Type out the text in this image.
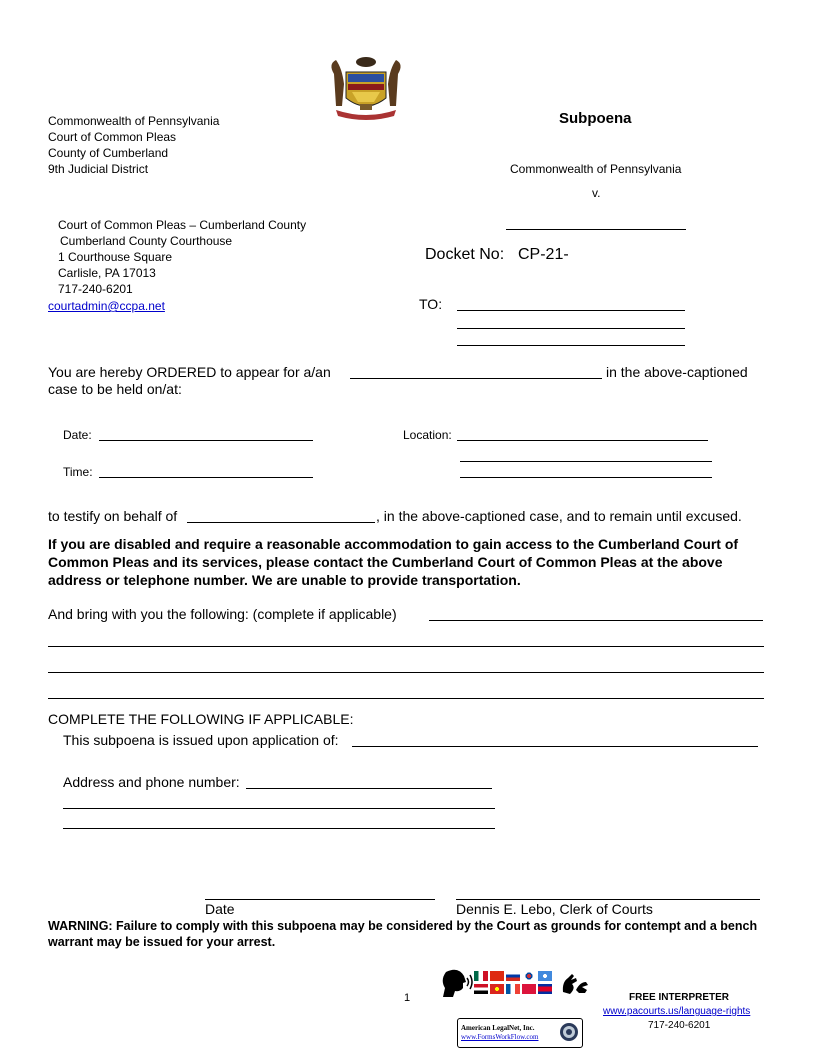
Commonwealth of Pennsylvania
Court of Common Pleas
County of Cumberland
9th Judicial District
Subpoena
Commonwealth of Pennsylvania
v.
Court of Common Pleas – Cumberland County
Cumberland County Courthouse
1 Courthouse Square
Carlisle, PA 17013
717-240-6201
courtadmin@ccpa.net
Docket No: CP-21-
TO:
You are hereby ORDERED to appear for a/an	in the above-captioned
case to be held on/at:
Date:
Time:
Location:
to testify on behalf of	, in the above-captioned case, and to remain until excused.
If you are disabled and require a reasonable accommodation to gain access to the Cumberland Court of Common Pleas and its services, please contact the Cumberland Court of Common Pleas at the above address or telephone number. We are unable to provide transportation.
And bring with you the following: (complete if applicable)
COMPLETE THE FOLLOWING IF APPLICABLE:
This subpoena is issued upon application of:
Address and phone number:
Date	Dennis E. Lebo, Clerk of Courts
WARNING: Failure to comply with this subpoena may be considered by the Court as grounds for contempt and a bench warrant may be issued for your arrest.
1	FREE INTERPRETER
www.pacourts.us/language-rights
717-240-6201
American LegalNet, Inc.
www.FormsWorkFlow.com
